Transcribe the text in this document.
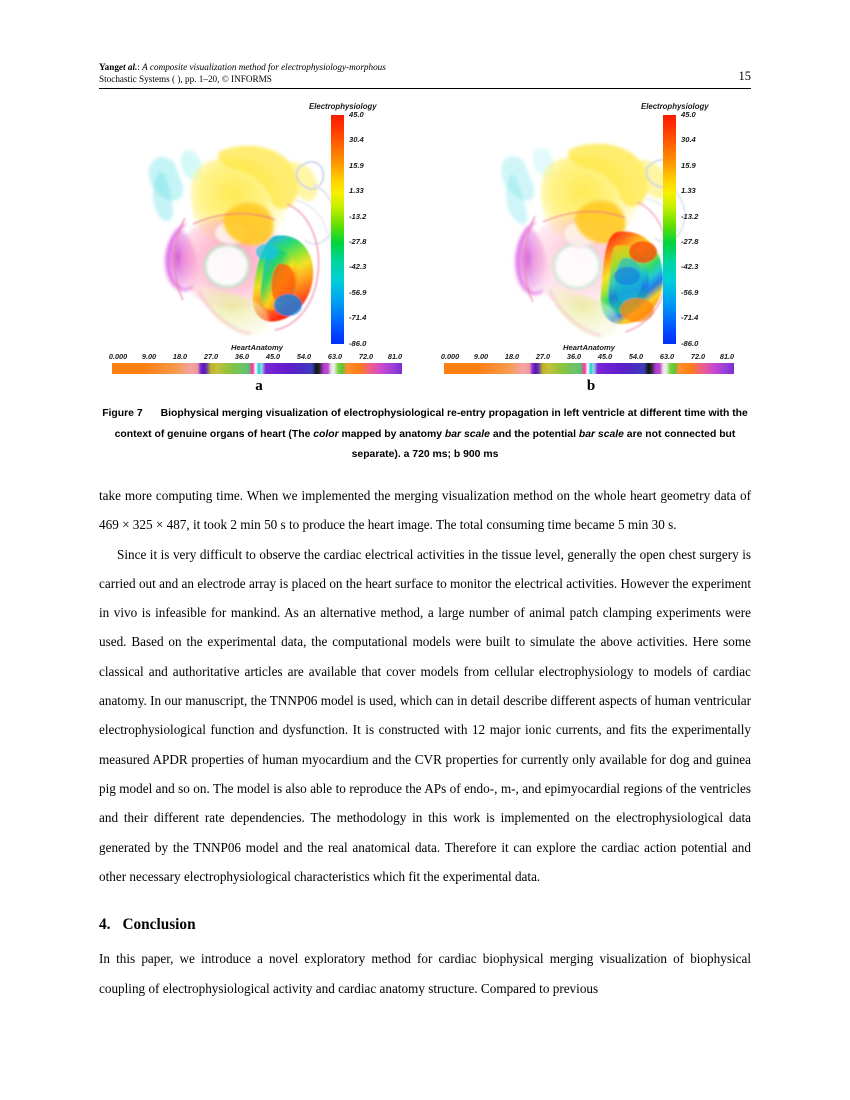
Yanget al.: A composite visualization method for electrophysiology-morphous
Stochastic Systems ( ), pp. 1–20, © INFORMS	15
Electrophysiology
45.0
30.4
15.9
1.33
-13.2
-27.8
-42.3
-56.9
-71.4
-86.0
HeartAnatomy
0.000 9.00 18.0 27.0 36.0 45.0 54.0 63.0 72.0 81.0
a
Electrophysiology
45.0
30.4
15.9
1.33
-13.2
-27.8
-42.3
-56.9
-71.4
-86.0
HeartAnatomy
0.000 9.00 18.0 27.0 36.0 45.0 54.0 63.0 72.0 81.0
b
Figure 7 Biophysical merging visualization of electrophysiological re-entry propagation in left ventricle at different time with the context of genuine organs of heart (The color mapped by anatomy bar scale and the potential bar scale are not connected but separate). a 720 ms; b 900 ms

take more computing time. When we implemented the merging visualization method on the whole heart geometry data of 469 × 325 × 487, it took 2 min 50 s to produce the heart image. The total consuming time became 5 min 30 s.

Since it is very difficult to observe the cardiac electrical activities in the tissue level, generally the open chest surgery is carried out and an electrode array is placed on the heart surface to monitor the electrical activities. However the experiment in vivo is infeasible for mankind. As an alternative method, a large number of animal patch clamping experiments were used. Based on the experimental data, the computational models were built to simulate the above activities. Here some classical and authoritative articles are available that cover models from cellular electrophysiology to models of cardiac anatomy. In our manuscript, the TNNP06 model is used, which can in detail describe different aspects of human ventricular electrophysiological function and dysfunction. It is constructed with 12 major ionic currents, and fits the experimentally measured APDR properties of human myocardium and the CVR properties for currently only available for dog and guinea pig model and so on. The model is also able to reproduce the APs of endo-, m-, and epimyocardial regions of the ventricles and their different rate dependencies. The methodology in this work is implemented on the electrophysiological data generated by the TNNP06 model and the real anatomical data. Therefore it can explore the cardiac action potential and other necessary electrophysiological characteristics which fit the experimental data.

4. Conclusion

In this paper, we introduce a novel exploratory method for cardiac biophysical merging visualization of biophysical coupling of electrophysiological activity and cardiac anatomy structure. Compared to previous
